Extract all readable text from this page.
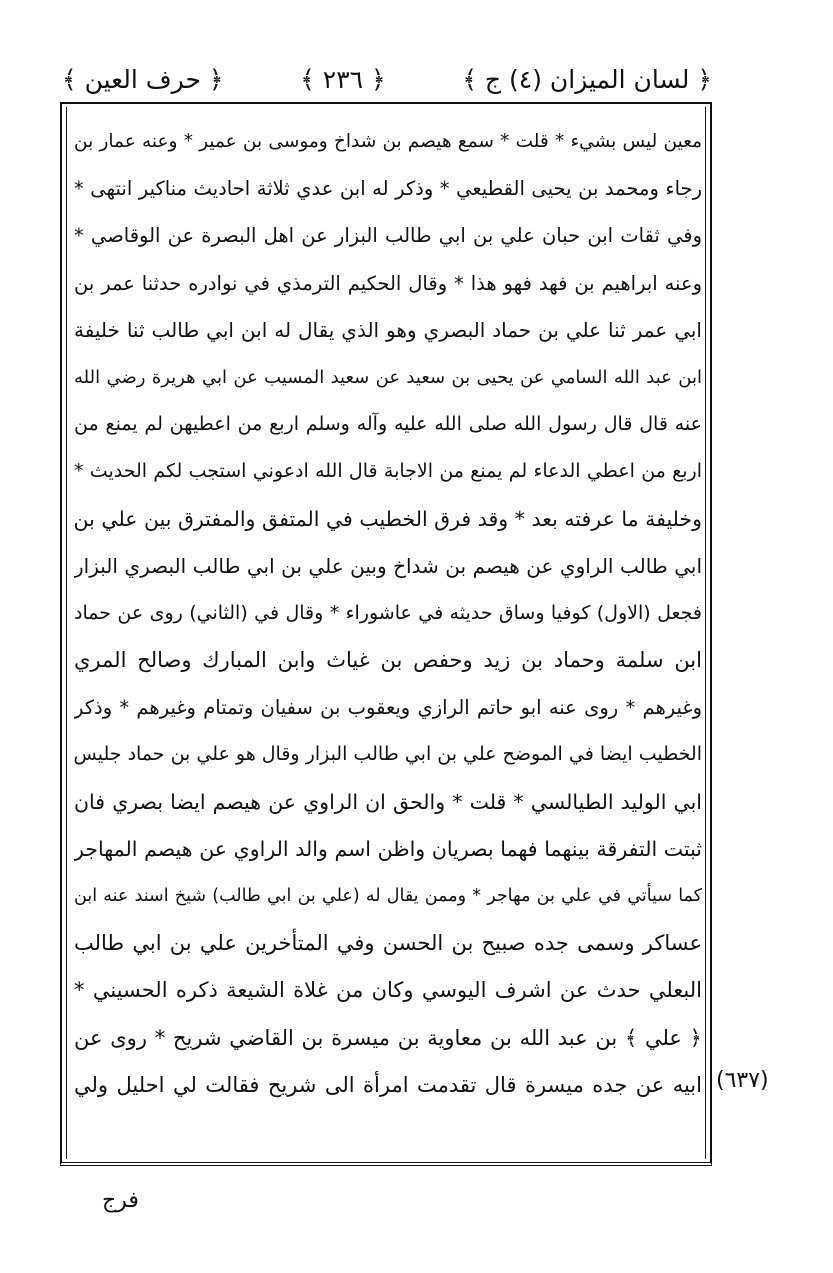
﴿ لسان الميزان (٤) ج ﴾
﴿ ٢٣٦ ﴾
﴿ حرف العين ﴾
معين ليس بشيء * قلت * سمع هيصم بن شداخ وموسى بن عمير * وعنه عمار بن
رجاء ومحمد بن يحيى القطيعي * وذكر له ابن عدي ثلاثة احاديث مناكير انتهى *
وفي ثقات ابن حبان علي بن ابي طالب البزار عن اهل البصرة عن الوقاصي *
وعنه ابراهيم بن فهد فهو هذا * وقال الحكيم الترمذي في نوادره حدثنا عمر بن
ابي عمر ثنا علي بن حماد البصري وهو الذي يقال له ابن ابي طالب ثنا خليفة
ابن عبد الله السامي عن يحيى بن سعيد عن سعيد المسيب عن ابي هريرة رضي الله
عنه قال قال رسول الله صلى الله عليه وآله وسلم اربع من اعطيهن لم يمنع من
اربع من اعطي الدعاء لم يمنع من الاجابة قال الله ادعوني استجب لكم الحديث *
وخليفة ما عرفته بعد * وقد فرق الخطيب في المتفق والمفترق بين علي بن
ابي طالب الراوي عن هيصم بن شداخ وبين علي بن ابي طالب البصري البزار
فجعل (الاول) كوفيا وساق حديثه في عاشوراء * وقال في (الثاني) روى عن حماد
ابن سلمة وحماد بن زيد وحفص بن غياث وابن المبارك وصالح المري
وغيرهم * روى عنه ابو حاتم الرازي ويعقوب بن سفيان وتمتام وغيرهم * وذكر
الخطيب ايضا في الموضح علي بن ابي طالب البزار وقال هو علي بن حماد جليس
ابي الوليد الطيالسي * قلت * والحق ان الراوي عن هيصم ايضا بصري فان
ثبتت التفرقة بينهما فهما بصريان واظن اسم والد الراوي عن هيصم المهاجر
كما سيأتي في علي بن مهاجر * وممن يقال له (علي بن ابي طالب) شيخ اسند عنه ابن
عساكر وسمى جده صبيح بن الحسن وفي المتأخرين علي بن ابي طالب
البعلي حدث عن اشرف اليوسي وكان من غلاة الشيعة ذكره الحسيني *
﴿ علي ﴾ بن عبد الله بن معاوية بن ميسرة بن القاضي شريح * روى عن
ابيه عن جده ميسرة قال تقدمت امرأة الى شريح فقالت لي احليل ولي (٦٣٧)
فرج
